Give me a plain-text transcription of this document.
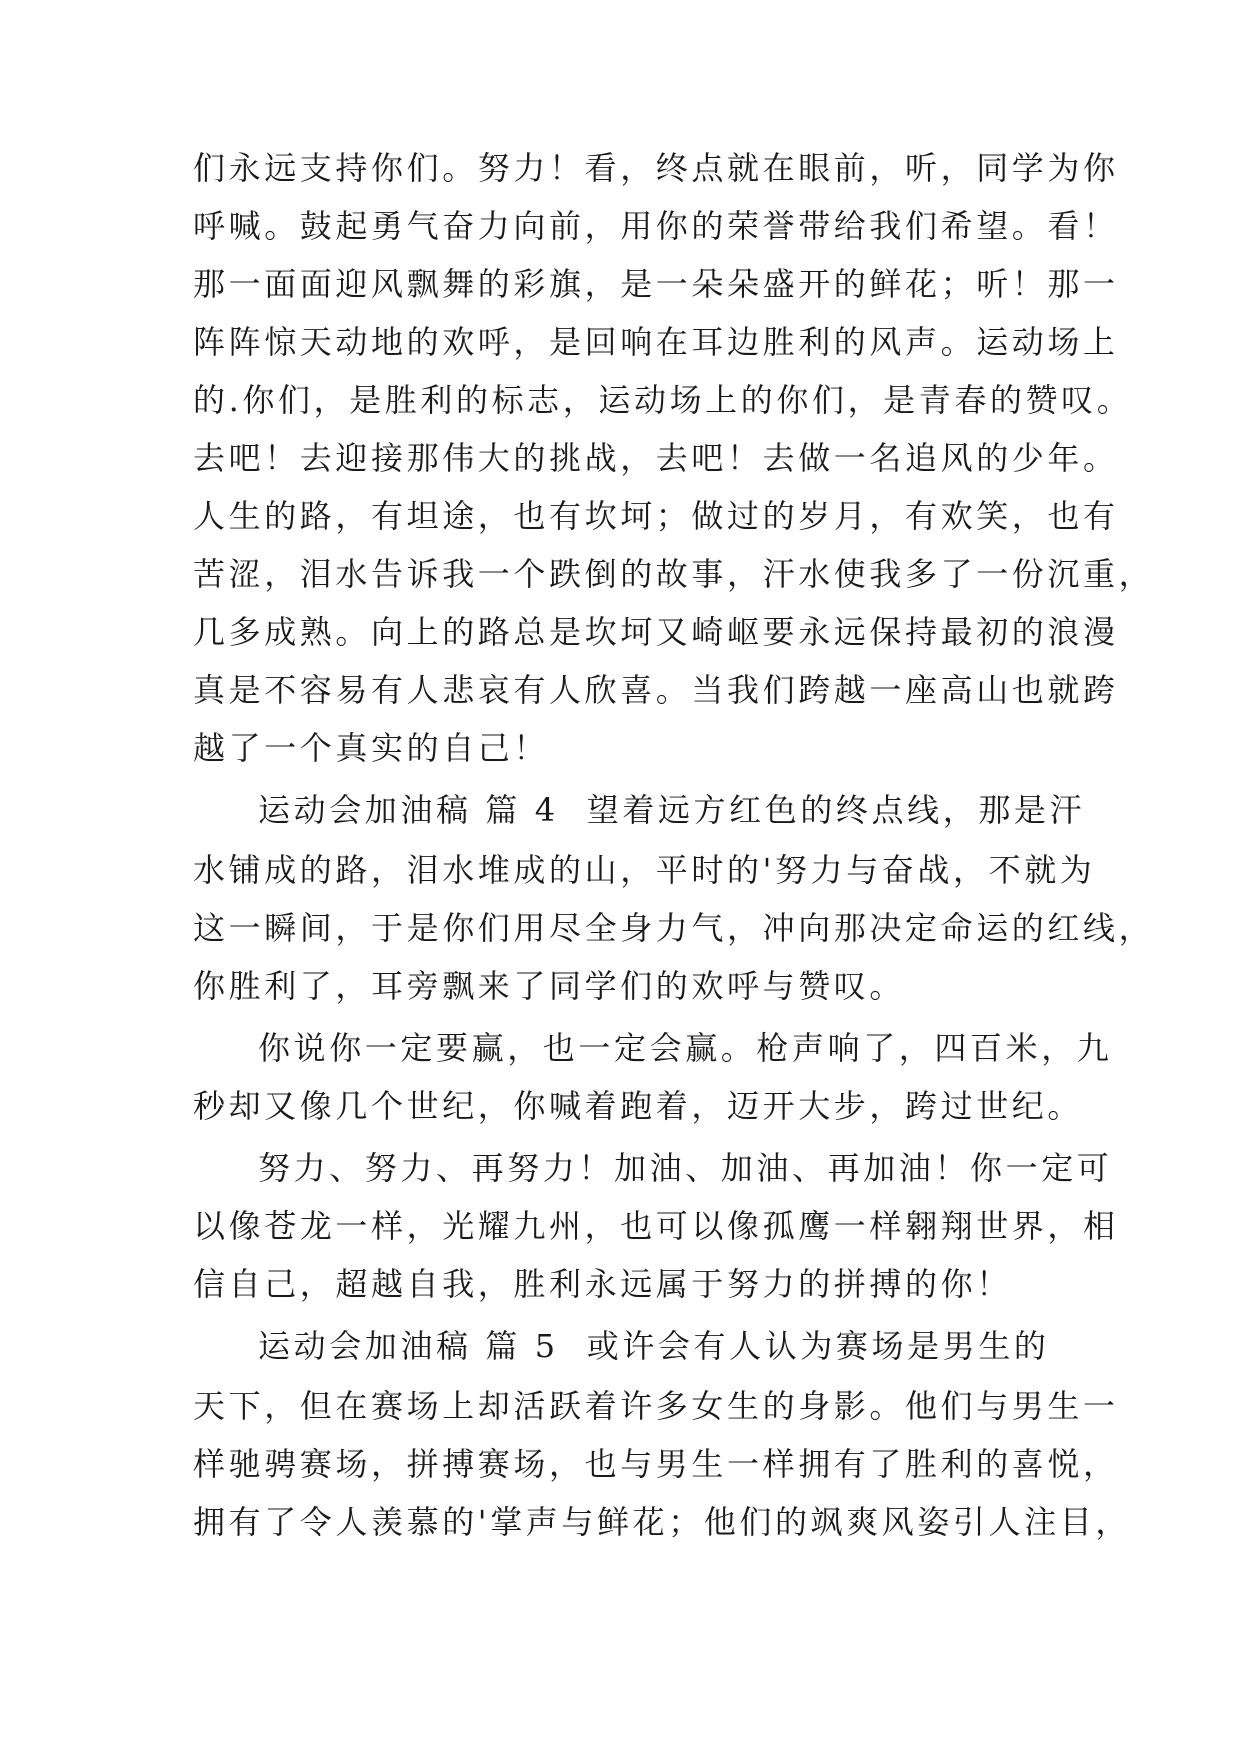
们永远支持你们。努力！看，终点就在眼前，听，同学为你
呼喊。鼓起勇气奋力向前，用你的荣誉带给我们希望。看！
那一面面迎风飘舞的彩旗，是一朵朵盛开的鲜花；听！那一
阵阵惊天动地的欢呼，是回响在耳边胜利的风声。运动场上
的.你们，是胜利的标志，运动场上的你们，是青春的赞叹。
去吧！去迎接那伟大的挑战，去吧！去做一名追风的少年。
人生的路，有坦途，也有坎坷；做过的岁月，有欢笑，也有
苦涩，泪水告诉我一个跌倒的故事，汗水使我多了一份沉重，
几多成熟。向上的路总是坎坷又崎岖要永远保持最初的浪漫
真是不容易有人悲哀有人欣喜。当我们跨越一座高山也就跨
越了一个真实的自己！
运动会加油稿 篇 4 望着远方红色的终点线，那是汗
水铺成的路，泪水堆成的山，平时的'努力与奋战，不就为
这一瞬间，于是你们用尽全身力气，冲向那决定命运的红线，
你胜利了，耳旁飘来了同学们的欢呼与赞叹。
你说你一定要赢，也一定会赢。枪声响了，四百米，九
秒却又像几个世纪，你喊着跑着，迈开大步，跨过世纪。
努力、努力、再努力！加油、加油、再加油！你一定可
以像苍龙一样，光耀九州，也可以像孤鹰一样翱翔世界，相
信自己，超越自我，胜利永远属于努力的拼搏的你！
运动会加油稿 篇 5 或许会有人认为赛场是男生的
天下，但在赛场上却活跃着许多女生的身影。他们与男生一
样驰骋赛场，拼搏赛场，也与男生一样拥有了胜利的喜悦，
拥有了令人羡慕的'掌声与鲜花；他们的飒爽风姿引人注目，
